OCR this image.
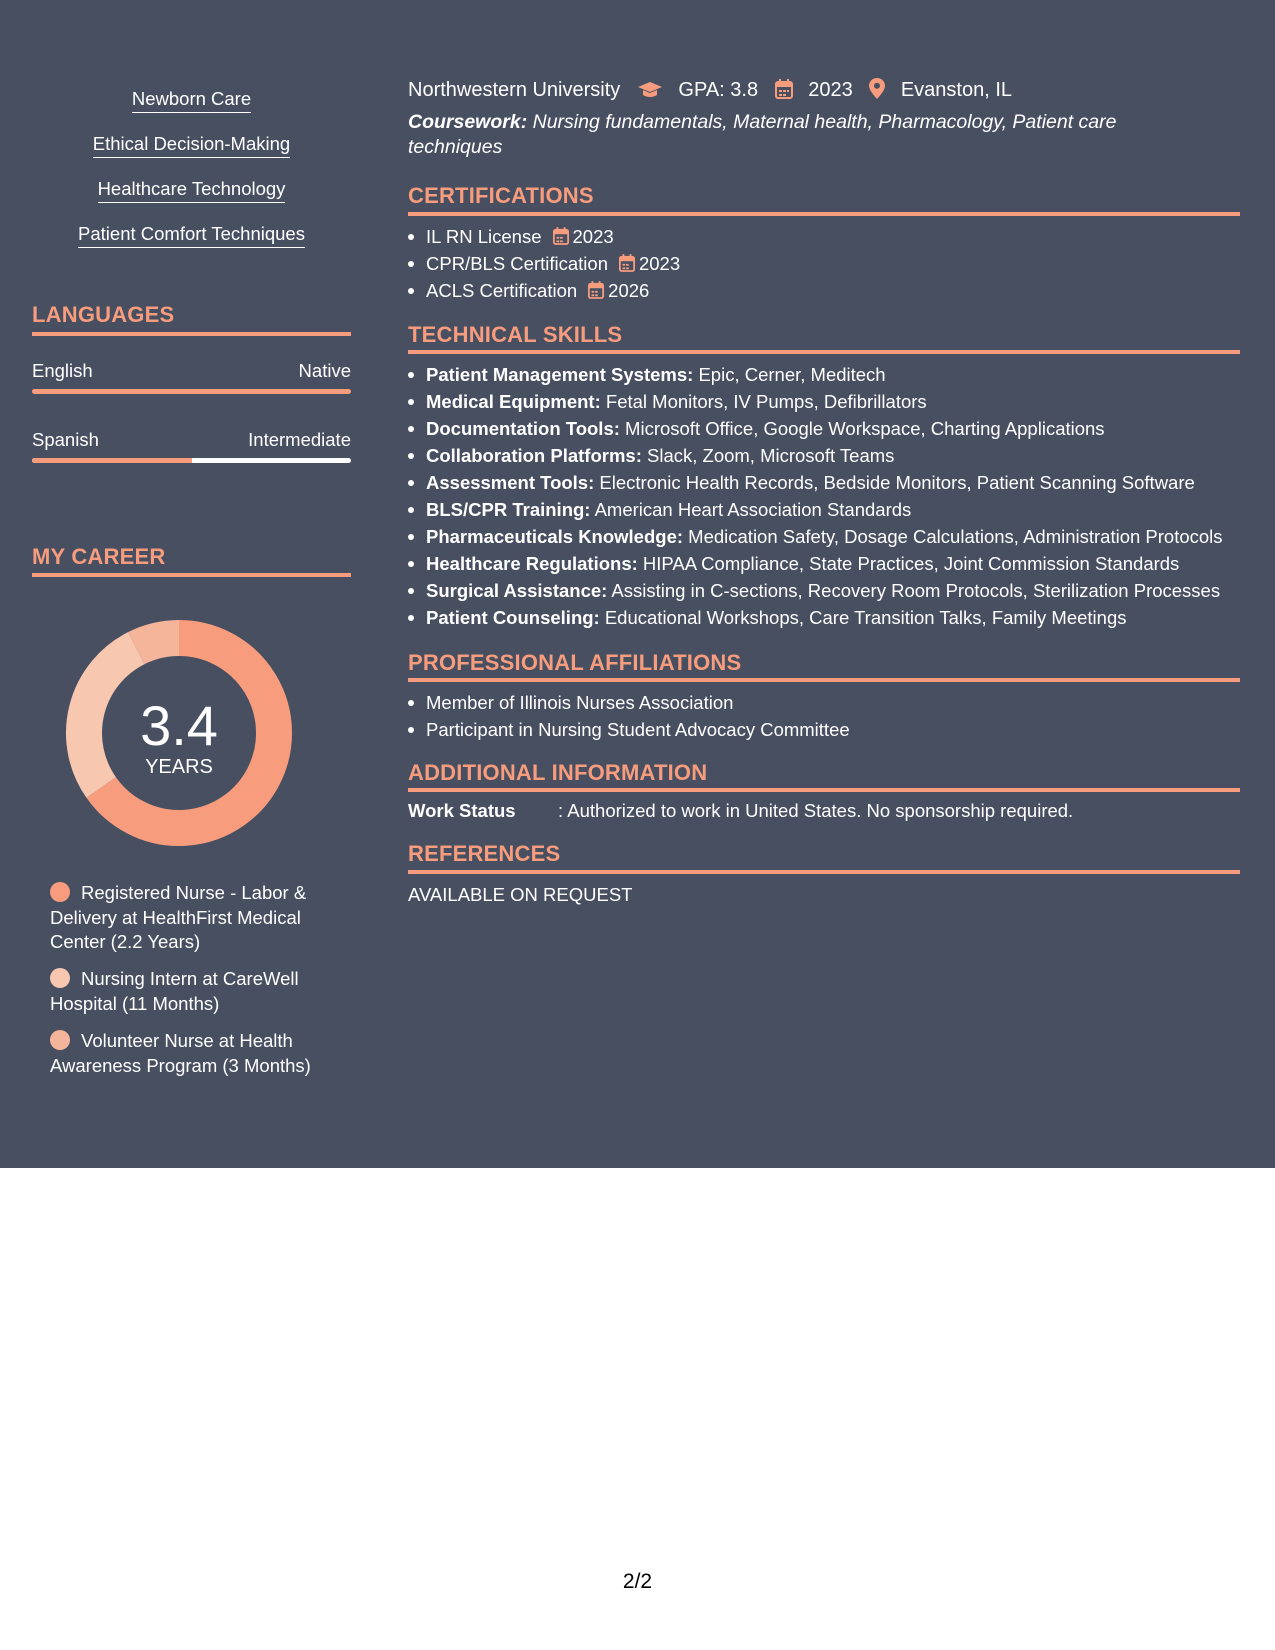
Newborn Care
Ethical Decision-Making
Healthcare Technology
Patient Comfort Techniques
LANGUAGES
English	Native
Spanish	Intermediate
MY CAREER
3.4
YEARS
Registered Nurse - Labor & Delivery at HealthFirst Medical Center (2.2 Years)
Nursing Intern at CareWell Hospital (11 Months)
Volunteer Nurse at Health Awareness Program (3 Months)
Northwestern University	GPA: 3.8	2023 Evanston, IL
Coursework: Nursing fundamentals, Maternal health, Pharmacology, Patient care techniques
CERTIFICATIONS
IL RN License 2023
CPR/BLS Certification 2023
ACLS Certification 2026
TECHNICAL SKILLS
Patient Management Systems: Epic, Cerner, Meditech
Medical Equipment: Fetal Monitors, IV Pumps, Defibrillators
Documentation Tools: Microsoft Office, Google Workspace, Charting Applications
Collaboration Platforms: Slack, Zoom, Microsoft Teams
Assessment Tools: Electronic Health Records, Bedside Monitors, Patient Scanning Software
BLS/CPR Training: American Heart Association Standards
Pharmaceuticals Knowledge: Medication Safety, Dosage Calculations, Administration Protocols
Healthcare Regulations: HIPAA Compliance, State Practices, Joint Commission Standards
Surgical Assistance: Assisting in C-sections, Recovery Room Protocols, Sterilization Processes
Patient Counseling: Educational Workshops, Care Transition Talks, Family Meetings
PROFESSIONAL AFFILIATIONS
Member of Illinois Nurses Association
Participant in Nursing Student Advocacy Committee
ADDITIONAL INFORMATION
Work Status : Authorized to work in United States. No sponsorship required.
REFERENCES
AVAILABLE ON REQUEST
2/2
